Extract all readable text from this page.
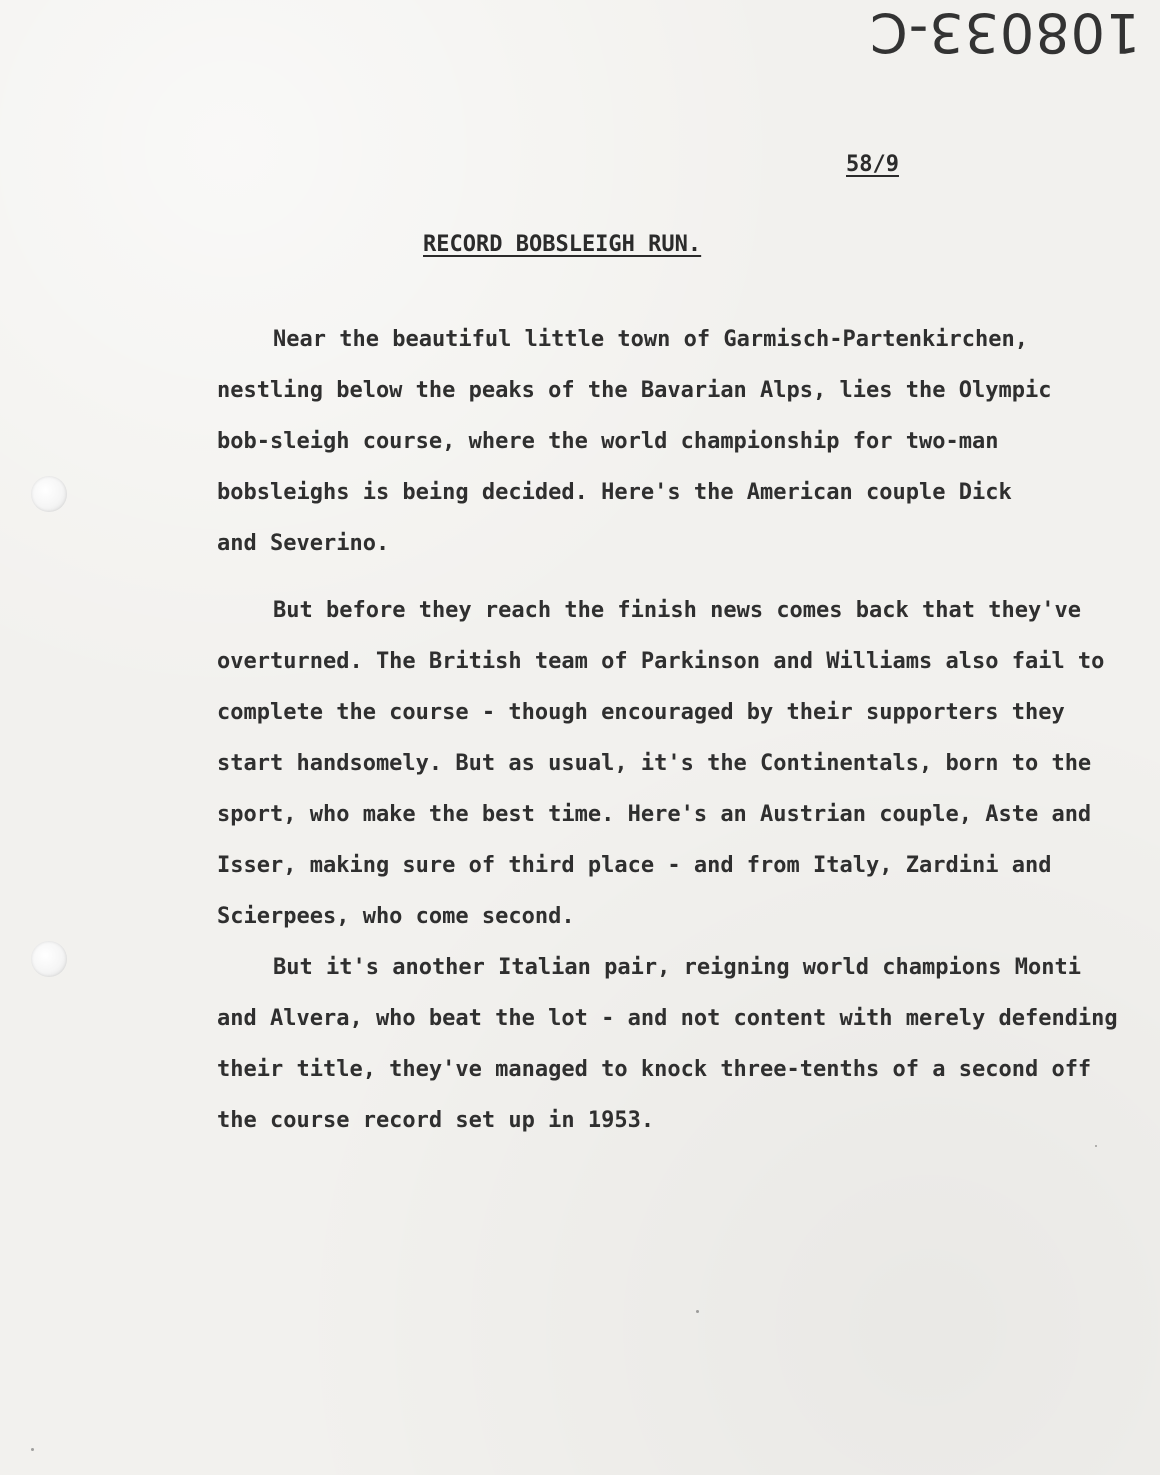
108033-C
58/9
RECORD BOBSLEIGH RUN.

Near the beautiful little town of Garmisch-Partenkirchen,
nestling below the peaks of the Bavarian Alps, lies the Olympic
bob-sleigh course, where the world championship for two-man
bobsleighs is being decided. Here's the American couple Dick
and Severino.

But before they reach the finish news comes back that they've
overturned. The British team of Parkinson and Williams also fail to
complete the course - though encouraged by their supporters they
start handsomely. But as usual, it's the Continentals, born to the
sport, who make the best time. Here's an Austrian couple, Aste and
Isser, making sure of third place - and from Italy, Zardini and
Scierpees, who come second.

But it's another Italian pair, reigning world champions Monti
and Alvera, who beat the lot - and not content with merely defending
their title, they've managed to knock three-tenths of a second off
the course record set up in 1953.
